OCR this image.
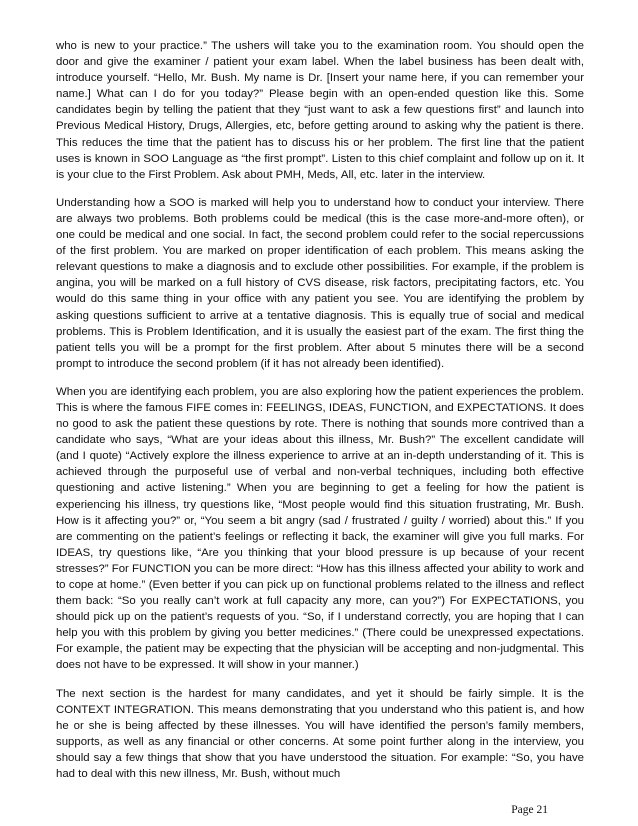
who is new to your practice.” The ushers will take you to the examination room. You should open the door and give the examiner / patient your exam label. When the label business has been dealt with, introduce yourself. “Hello, Mr. Bush. My name is Dr. [Insert your name here, if you can remember your name.] What can I do for you today?” Please begin with an open-ended question like this. Some candidates begin by telling the patient that they “just want to ask a few questions first” and launch into Previous Medical History, Drugs, Allergies, etc, before getting around to asking why the patient is there. This reduces the time that the patient has to discuss his or her problem. The first line that the patient uses is known in SOO Language as “the first prompt”. Listen to this chief complaint and follow up on it. It is your clue to the First Problem. Ask about PMH, Meds, All, etc. later in the interview.

Understanding how a SOO is marked will help you to understand how to conduct your interview. There are always two problems. Both problems could be medical (this is the case more-and-more often), or one could be medical and one social. In fact, the second problem could refer to the social repercussions of the first problem. You are marked on proper identification of each problem. This means asking the relevant questions to make a diagnosis and to exclude other possibilities. For example, if the problem is angina, you will be marked on a full history of CVS disease, risk factors, precipitating factors, etc. You would do this same thing in your office with any patient you see. You are identifying the problem by asking questions sufficient to arrive at a tentative diagnosis. This is equally true of social and medical problems. This is Problem Identification, and it is usually the easiest part of the exam. The first thing the patient tells you will be a prompt for the first problem. After about 5 minutes there will be a second prompt to introduce the second problem (if it has not already been identified).

When you are identifying each problem, you are also exploring how the patient experiences the problem. This is where the famous FIFE comes in: FEELINGS, IDEAS, FUNCTION, and EXPECTATIONS. It does no good to ask the patient these questions by rote. There is nothing that sounds more contrived than a candidate who says, “What are your ideas about this illness, Mr. Bush?” The excellent candidate will (and I quote) “Actively explore the illness experience to arrive at an in-depth understanding of it. This is achieved through the purposeful use of verbal and non-verbal techniques, including both effective questioning and active listening.” When you are beginning to get a feeling for how the patient is experiencing his illness, try questions like, “Most people would find this situation frustrating, Mr. Bush. How is it affecting you?” or, “You seem a bit angry (sad / frustrated / guilty / worried) about this.” If you are commenting on the patient’s feelings or reflecting it back, the examiner will give you full marks. For IDEAS, try questions like, “Are you thinking that your blood pressure is up because of your recent stresses?” For FUNCTION you can be more direct: “How has this illness affected your ability to work and to cope at home.” (Even better if you can pick up on functional problems related to the illness and reflect them back: “So you really can’t work at full capacity any more, can you?”) For EXPECTATIONS, you should pick up on the patient’s requests of you. “So, if I understand correctly, you are hoping that I can help you with this problem by giving you better medicines.” (There could be unexpressed expectations. For example, the patient may be expecting that the physician will be accepting and non-judgmental. This does not have to be expressed. It will show in your manner.)

The next section is the hardest for many candidates, and yet it should be fairly simple. It is the CONTEXT INTEGRATION. This means demonstrating that you understand who this patient is, and how he or she is being affected by these illnesses. You will have identified the person’s family members, supports, as well as any financial or other concerns. At some point further along in the interview, you should say a few things that show that you have understood the situation. For example: “So, you have had to deal with this new illness, Mr. Bush, without much

Page 21
